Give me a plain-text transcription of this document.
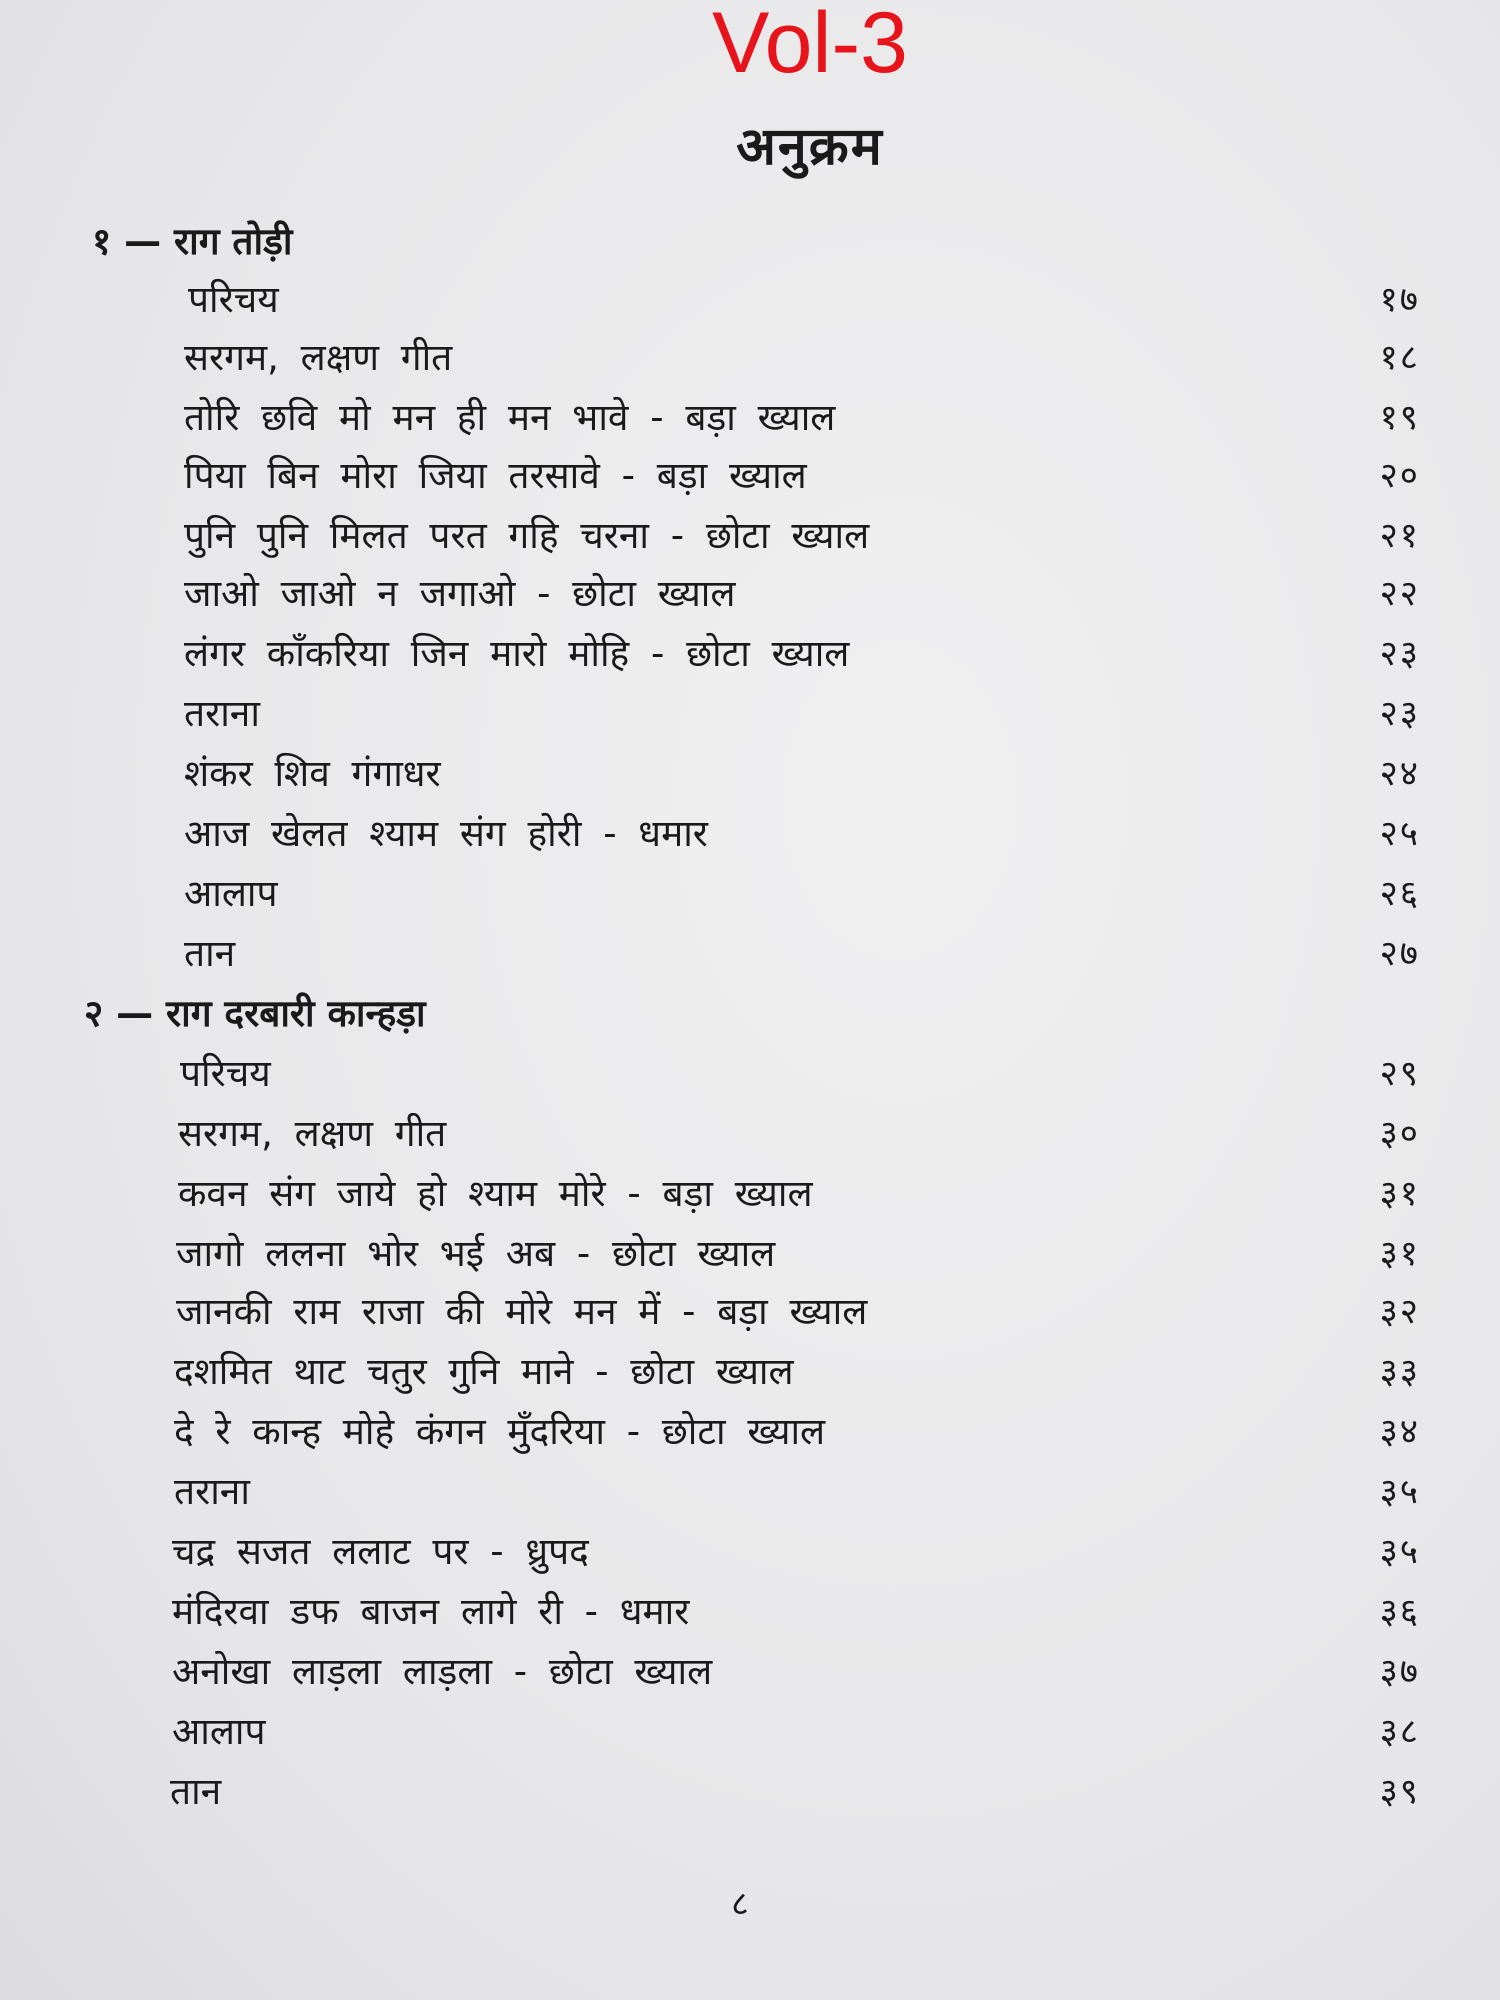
Vol-3
अनुक्रम
१ — राग तोड़ी
परिचय	१७
सरगम, लक्षण गीत	१८
तोरि छवि मो मन ही मन भावे - बड़ा ख्याल	१९
पिया बिन मोरा जिया तरसावे - बड़ा ख्याल	२०
पुनि पुनि मिलत परत गहि चरना - छोटा ख्याल	२१
जाओ जाओ न जगाओ - छोटा ख्याल	२२
लंगर कॉंकरिया जिन मारो मोहि - छोटा ख्याल	२३
तराना	२३
शंकर शिव गंगाधर	२४
आज खेलत श्याम संग होरी - धमार	२५
आलाप	२६
तान	२७
२ — राग दरबारी कान्हड़ा
परिचय	२९
सरगम, लक्षण गीत	३०
कवन संग जाये हो श्याम मोरे - बड़ा ख्याल	३१
जागो ललना भोर भई अब - छोटा ख्याल	३१
जानकी राम राजा की मोरे मन में - बड़ा ख्याल	३२
दशमित थाट चतुर गुनि माने - छोटा ख्याल	३३
दे रे कान्ह मोहे कंगन मुँदरिया - छोटा ख्याल	३४
तराना	३५
चद्र सजत ललाट पर - ध्रुपद	३५
मंदिरवा डफ बाजन लागे री - धमार	३६
अनोखा लाड़ला लाड़ला - छोटा ख्याल	३७
आलाप	३८
तान	३९
८
